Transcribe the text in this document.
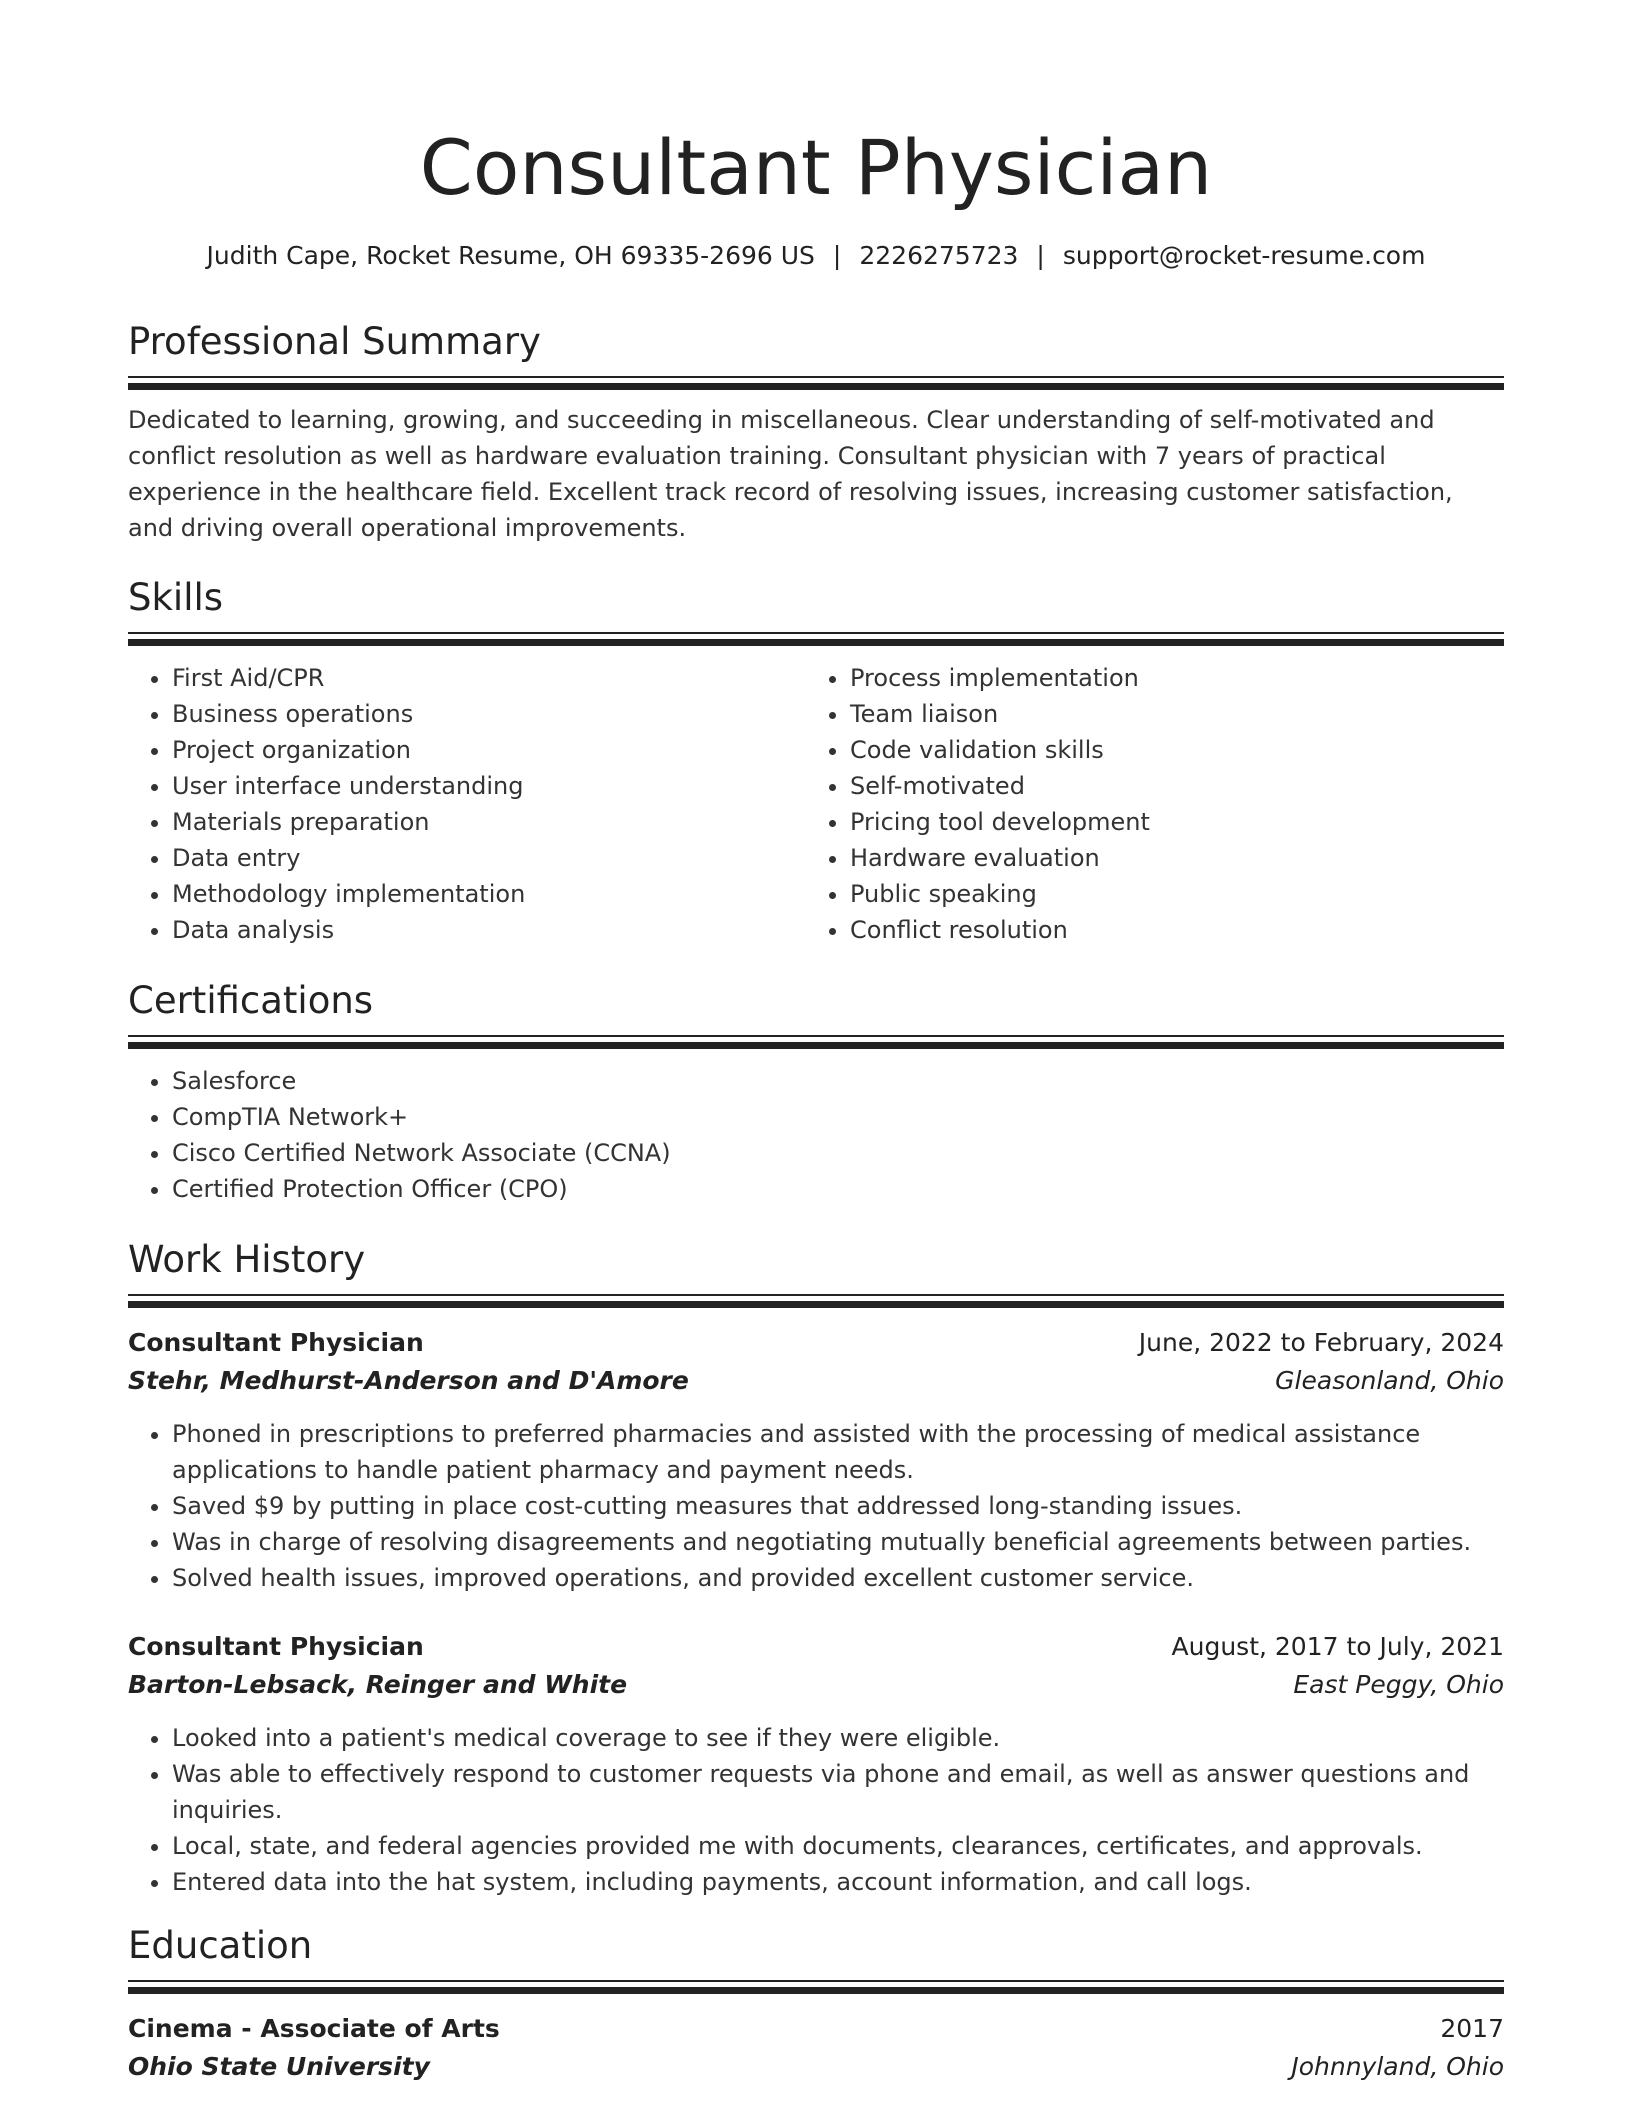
Consultant Physician
Judith Cape, Rocket Resume, OH 69335-2696 US | 2226275723 | support@rocket-resume.com
Professional Summary

Dedicated to learning, growing, and succeeding in miscellaneous. Clear understanding of self-motivated and conflict resolution as well as hardware evaluation training. Consultant physician with 7 years of practical experience in the healthcare field. Excellent track record of resolving issues, increasing customer satisfaction, and driving overall operational improvements.

Skills
• First Aid/CPR
• Business operations
• Project organization
• User interface understanding
• Materials preparation
• Data entry
• Methodology implementation
• Data analysis
• Process implementation
• Team liaison
• Code validation skills
• Self-motivated
• Pricing tool development
• Hardware evaluation
• Public speaking
• Conflict resolution
Certifications
• Salesforce
• CompTIA Network+
• Cisco Certified Network Associate (CCNA)
• Certified Protection Officer (CPO)
Work History
Consultant Physician	June, 2022 to February, 2024
Stehr, Medhurst-Anderson and D'Amore	Gleasonland, Ohio
• Phoned in prescriptions to preferred pharmacies and assisted with the processing of medical assistance applications to handle patient pharmacy and payment needs.
• Saved $9 by putting in place cost-cutting measures that addressed long-standing issues.
• Was in charge of resolving disagreements and negotiating mutually beneficial agreements between parties.
• Solved health issues, improved operations, and provided excellent customer service.
Consultant Physician	August, 2017 to July, 2021
Barton-Lebsack, Reinger and White	East Peggy, Ohio
• Looked into a patient's medical coverage to see if they were eligible.
• Was able to effectively respond to customer requests via phone and email, as well as answer questions and inquiries.
• Local, state, and federal agencies provided me with documents, clearances, certificates, and approvals.
• Entered data into the hat system, including payments, account information, and call logs.
Education
Cinema - Associate of Arts	2017
Ohio State University	Johnnyland, Ohio
